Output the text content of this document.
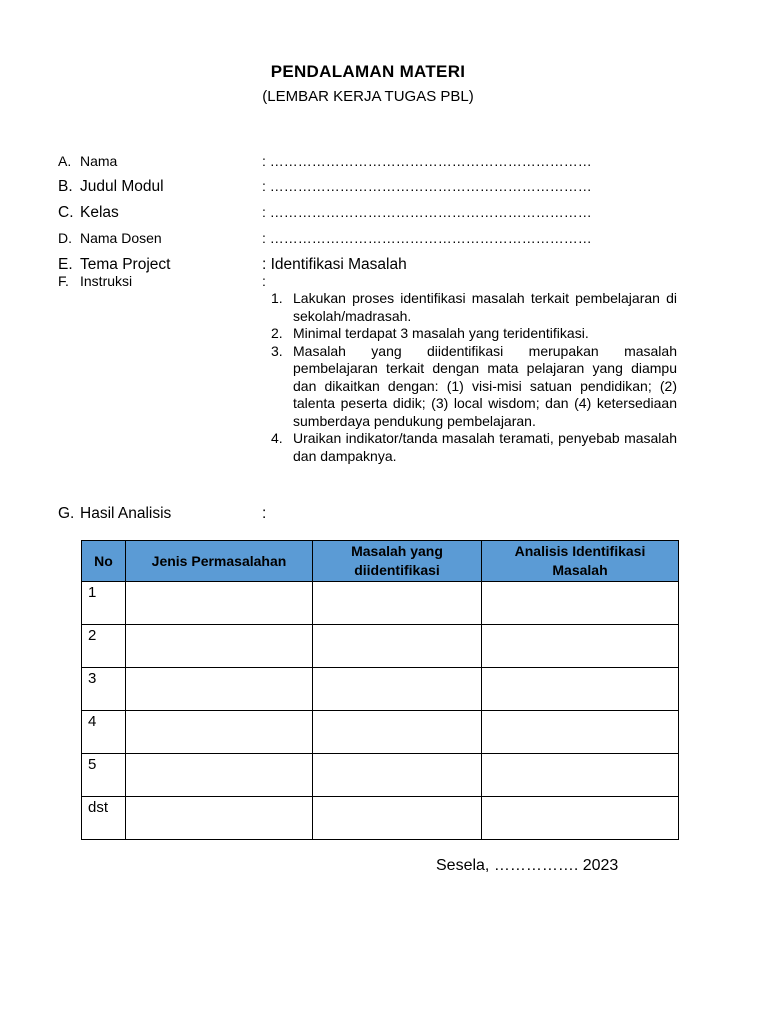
PENDALAMAN MATERI
(LEMBAR KERJA TUGAS PBL)
A. Nama	: ……………………………………………………………
B. Judul Modul	: ……………………………………………………………
C. Kelas	: ……………………………………………………………
D. Nama Dosen	: ……………………………………………………………
E. Tema Project	: Identifikasi Masalah
F. Instruksi	:
1. Lakukan proses identifikasi masalah terkait pembelajaran di sekolah/madrasah.
2. Minimal terdapat 3 masalah yang teridentifikasi.
3. Masalah yang diidentifikasi merupakan masalah pembelajaran terkait dengan mata pelajaran yang diampu dan dikaitkan dengan: (1) visi-misi satuan pendidikan; (2) talenta peserta didik; (3) local wisdom; dan (4) ketersediaan sumberdaya pendukung pembelajaran.
4. Uraikan indikator/tanda masalah teramati, penyebab masalah dan dampaknya.
G. Hasil Analisis	:
No	Jenis Permasalahan	Masalah yang diidentifikasi	Analisis Identifikasi Masalah
1			
2			
3			
4			
5			
dst			
Sesela, ……………. 2023
